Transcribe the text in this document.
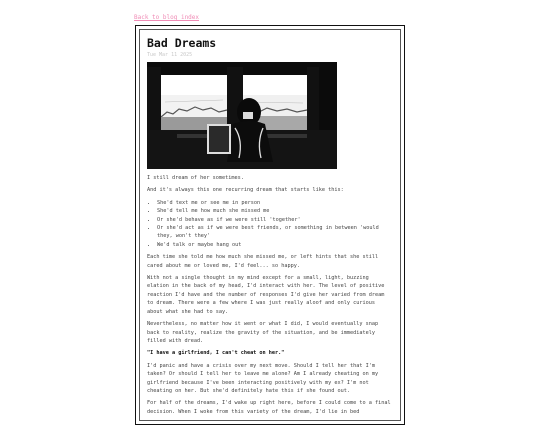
Back to blog index
Bad Dreams
Tue Mar 11 2025

I still dream of her sometimes.

And it's always this one recurring dream that starts like this:

• She'd text me or see me in person
• She'd tell me how much she missed me
• Or she'd behave as if we were still 'together'
• Or she'd act as if we were best friends, or something in between 'would they, won't they'
• We'd talk or maybe hang out

Each time she told me how much she missed me, or left hints that she still cared about me or loved me, I'd feel... so happy.

With not a single thought in my mind except for a small, light, buzzing elation in the back of my head, I'd interact with her. The level of positive reaction I'd have and the number of responses I'd give her varied from dream to dream. There were a few where I was just really aloof and only curious about what she had to say.

Nevertheless, no matter how it went or what I did, I would eventually snap back to reality, realize the gravity of the situation, and be immediately filled with dread.

"I have a girlfriend, I can't cheat on her."

I'd panic and have a crisis over my next move. Should I tell her that I'm taken? Or should I tell her to leave me alone? Am I already cheating on my girlfriend because I've been interacting positively with my ex? I'm not cheating on her. But she'd definitely hate this if she found out.

For half of the dreams, I'd wake up right here, before I could come to a final decision. When I woke from this variety of the dream, I'd lie in bed
